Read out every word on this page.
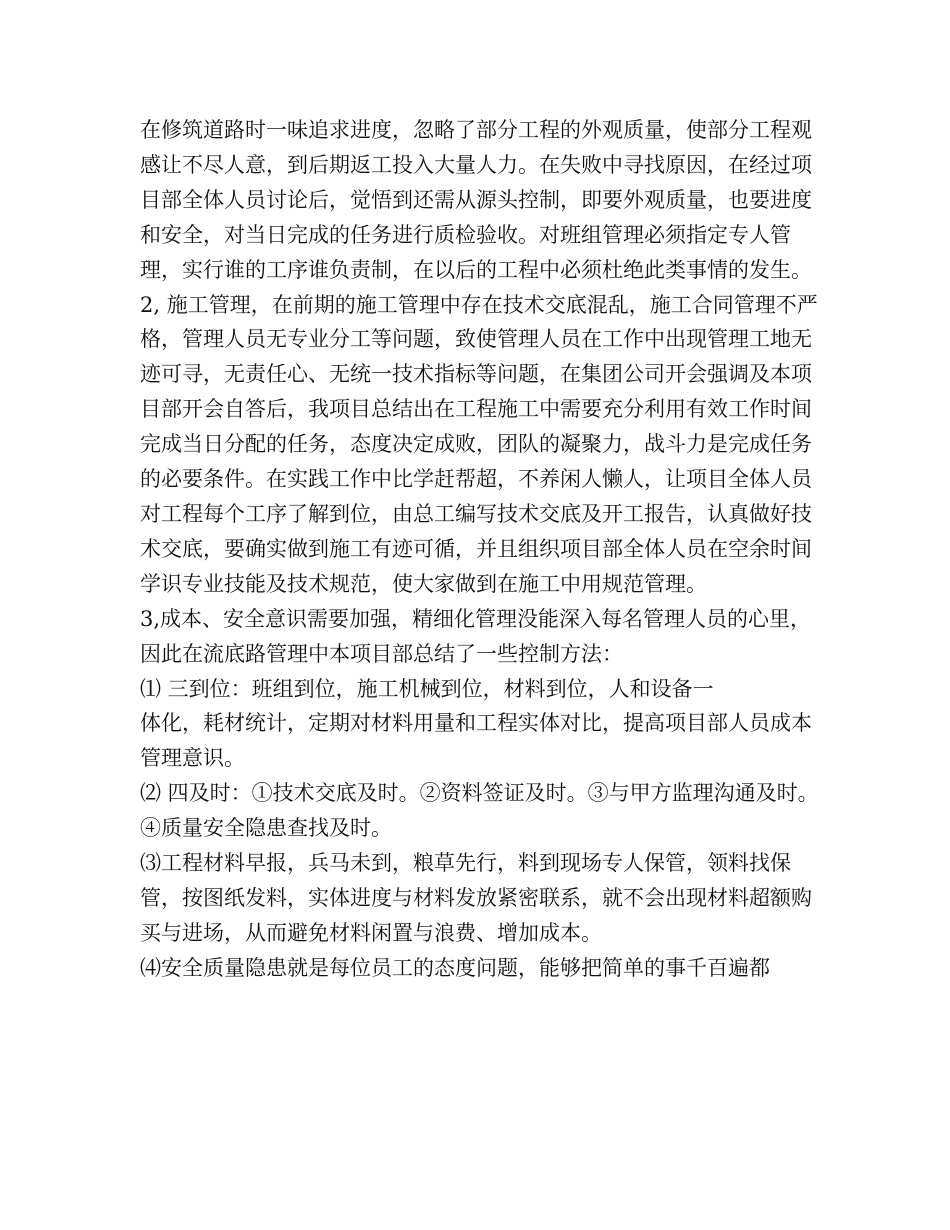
在修筑道路时一味追求进度，忽略了部分工程的外观质量，使部分工程观感让不尽人意，到后期返工投入大量人力。在失败中寻找原因，在经过项目部全体人员讨论后，觉悟到还需从源头控制，即要外观质量，也要进度和安全，对当日完成的任务进行质检验收。对班组管理必须指定专人管理，实行谁的工序谁负责制，在以后的工程中必须杜绝此类事情的发生。

2, 施工管理，在前期的施工管理中存在技术交底混乱，施工合同管理不严格，管理人员无专业分工等问题，致使管理人员在工作中出现管理工地无迹可寻，无责任心、无统一技术指标等问题，在集团公司开会强调及本项目部开会自答后，我项目总结出在工程施工中需要充分利用有效工作时间完成当日分配的任务，态度决定成败，团队的凝聚力，战斗力是完成任务的必要条件。在实践工作中比学赶帮超，不养闲人懒人，让项目全体人员对工程每个工序了解到位，由总工编写技术交底及开工报告，认真做好技术交底，要确实做到施工有迹可循，并且组织项目部全体人员在空余时间学识专业技能及技术规范，使大家做到在施工中用规范管理。

3,成本、安全意识需要加强，精细化管理没能深入每名管理人员的心里，因此在流底路管理中本项目部总结了一些控制方法：

⑴ 三到位：班组到位，施工机械到位，材料到位，人和设备一

体化，耗材统计，定期对材料用量和工程实体对比，提高项目部人员成本管理意识。

⑵ 四及时：①技术交底及时。②资料签证及时。③与甲方监理沟通及时。④质量安全隐患查找及时。

⑶工程材料早报，兵马未到，粮草先行，料到现场专人保管，领料找保管，按图纸发料，实体进度与材料发放紧密联系，就不会出现材料超额购买与进场，从而避免材料闲置与浪费、增加成本。

⑷安全质量隐患就是每位员工的态度问题，能够把简单的事千百遍都
